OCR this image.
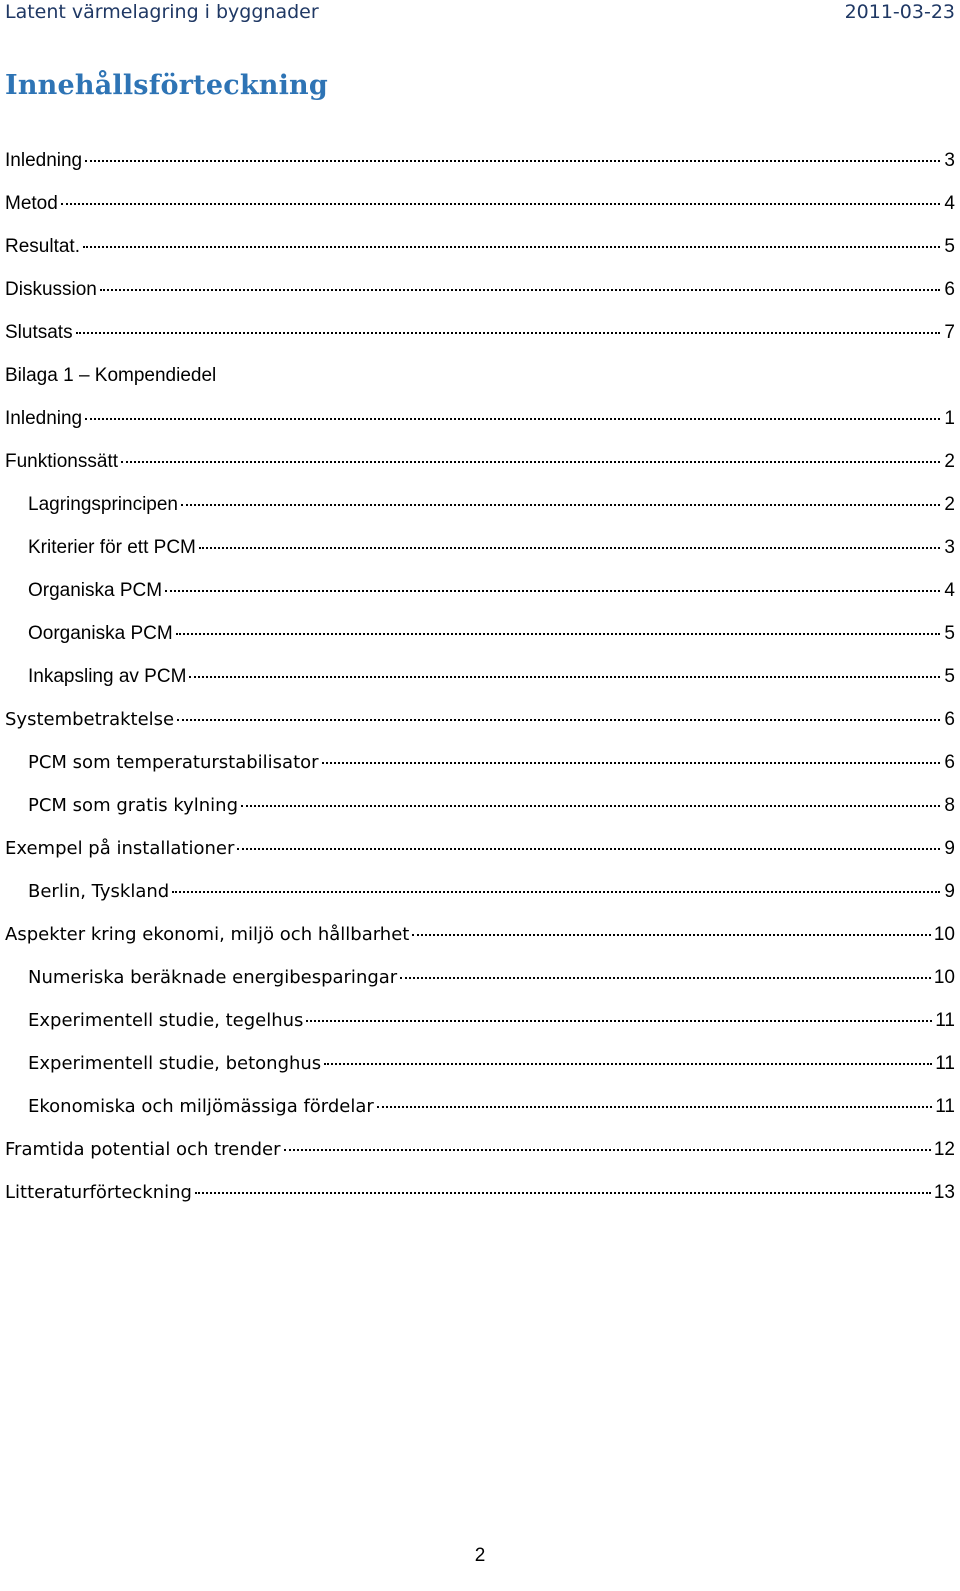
Latent värmelagring i byggnader	2011-03-23
Innehållsförteckning
Inledning	3
Metod	4
Resultat.	5
Diskussion	6
Slutsats	7
Bilaga 1 – Kompendiedel
Inledning	1
Funktionssätt	2
Lagringsprincipen	2
Kriterier för ett PCM	3
Organiska PCM	4
Oorganiska PCM	5
Inkapsling av PCM	5
Systembetraktelse	6
PCM som temperaturstabilisator	6
PCM som gratis kylning	8
Exempel på installationer	9
Berlin, Tyskland	9
Aspekter kring ekonomi, miljö och hållbarhet	10
Numeriska beräknade energibesparingar	10
Experimentell studie, tegelhus	11
Experimentell studie, betonghus	11
Ekonomiska och miljömässiga fördelar	11
Framtida potential och trender	12
Litteraturförteckning	13
2
